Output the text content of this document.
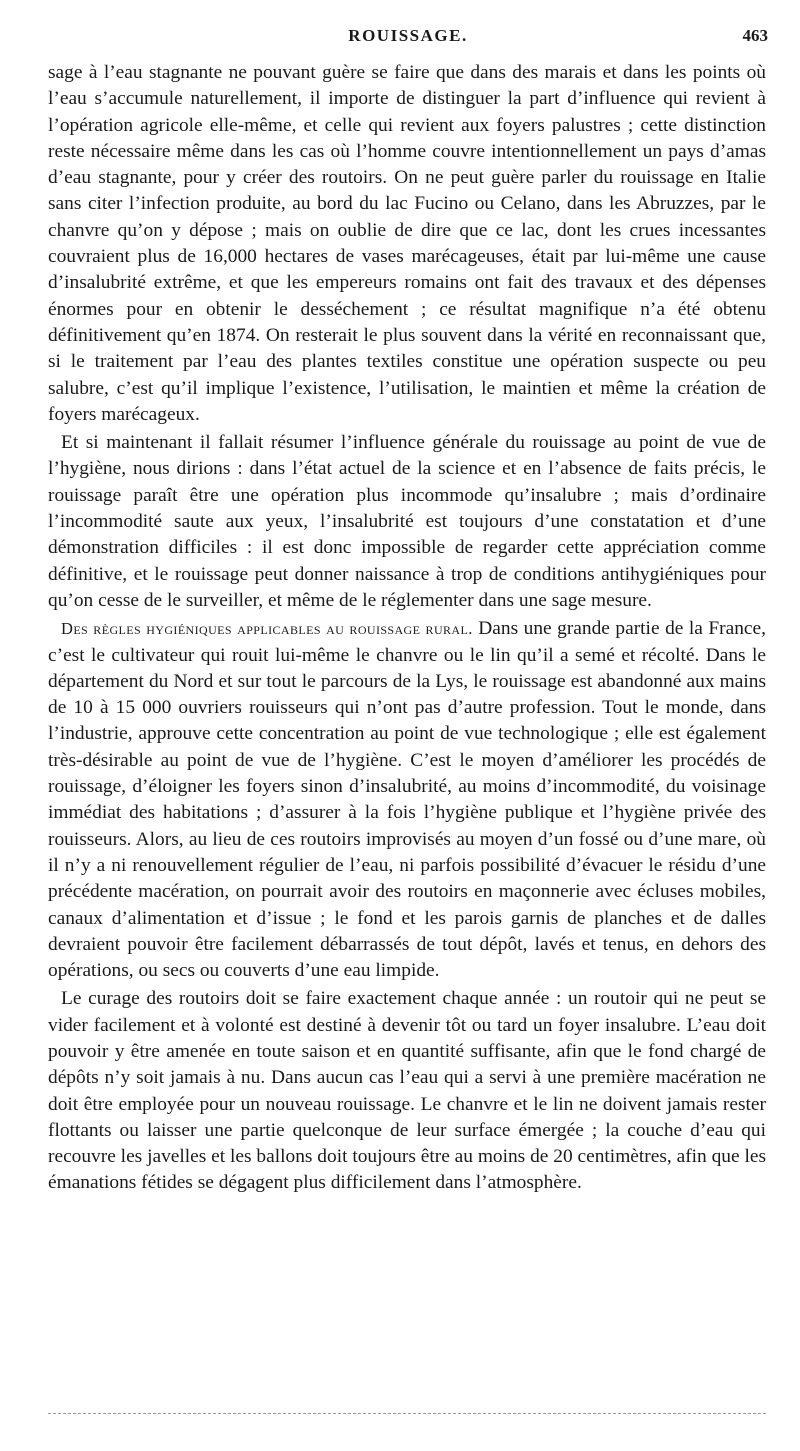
ROUISSAGE.	463

sage à l’eau stagnante ne pouvant guère se faire que dans des marais et dans les points où l’eau s’accumule naturellement, il importe de distinguer la part d’influence qui revient à l’opération agricole elle-même, et celle qui revient aux foyers palustres ; cette distinction reste nécessaire même dans les cas où l’homme couvre intentionnellement un pays d’amas d’eau stagnante, pour y créer des routoirs. On ne peut guère parler du rouissage en Italie sans citer l’infection produite, au bord du lac Fucino ou Celano, dans les Abruzzes, par le chanvre qu’on y dépose ; mais on oublie de dire que ce lac, dont les crues incessantes couvraient plus de 16,000 hectares de vases marécageuses, était par lui-même une cause d’insalubrité extrême, et que les empereurs romains ont fait des travaux et des dépenses énormes pour en obtenir le desséchement ; ce résultat magnifique n’a été obtenu définitivement qu’en 1874. On resterait le plus souvent dans la vérité en reconnaissant que, si le traitement par l’eau des plantes textiles constitue une opération suspecte ou peu salubre, c’est qu’il implique l’existence, l’utilisation, le maintien et même la création de foyers marécageux.

Et si maintenant il fallait résumer l’influence générale du rouissage au point de vue de l’hygiène, nous dirions : dans l’état actuel de la science et en l’absence de faits précis, le rouissage paraît être une opération plus incommode qu’insalubre ; mais d’ordinaire l’incommodité saute aux yeux, l’insalubrité est toujours d’une constatation et d’une démonstration difficiles : il est donc impossible de regarder cette appréciation comme définitive, et le rouissage peut donner naissance à trop de conditions antihygiéniques pour qu’on cesse de le surveiller, et même de le réglementer dans une sage mesure.

Des règles hygiéniques applicables au rouissage rural. Dans une grande partie de la France, c’est le cultivateur qui rouit lui-même le chanvre ou le lin qu’il a semé et récolté. Dans le département du Nord et sur tout le parcours de la Lys, le rouissage est abandonné aux mains de 10 à 15 000 ouvriers rouisseurs qui n’ont pas d’autre profession. Tout le monde, dans l’industrie, approuve cette concentration au point de vue technologique ; elle est également très-désirable au point de vue de l’hygiène. C’est le moyen d’améliorer les procédés de rouissage, d’éloigner les foyers sinon d’insalubrité, au moins d’incommodité, du voisinage immédiat des habitations ; d’assurer à la fois l’hygiène publique et l’hygiène privée des rouisseurs. Alors, au lieu de ces routoirs improvisés au moyen d’un fossé ou d’une mare, où il n’y a ni renouvellement régulier de l’eau, ni parfois possibilité d’évacuer le résidu d’une précédente macération, on pourrait avoir des routoirs en maçonnerie avec écluses mobiles, canaux d’alimentation et d’issue ; le fond et les parois garnis de planches et de dalles devraient pouvoir être facilement débarrassés de tout dépôt, lavés et tenus, en dehors des opérations, ou secs ou couverts d’une eau limpide.

Le curage des routoirs doit se faire exactement chaque année : un routoir qui ne peut se vider facilement et à volonté est destiné à devenir tôt ou tard un foyer insalubre. L’eau doit pouvoir y être amenée en toute saison et en quantité suffisante, afin que le fond chargé de dépôts n’y soit jamais à nu. Dans aucun cas l’eau qui a servi à une première macération ne doit être employée pour un nouveau rouissage. Le chanvre et le lin ne doivent jamais rester flottants ou laisser une partie quelconque de leur surface émergée ; la couche d’eau qui recouvre les javelles et les ballons doit toujours être au moins de 20 centimètres, afin que les émanations fétides se dégagent plus difficilement dans l’atmosphère.
